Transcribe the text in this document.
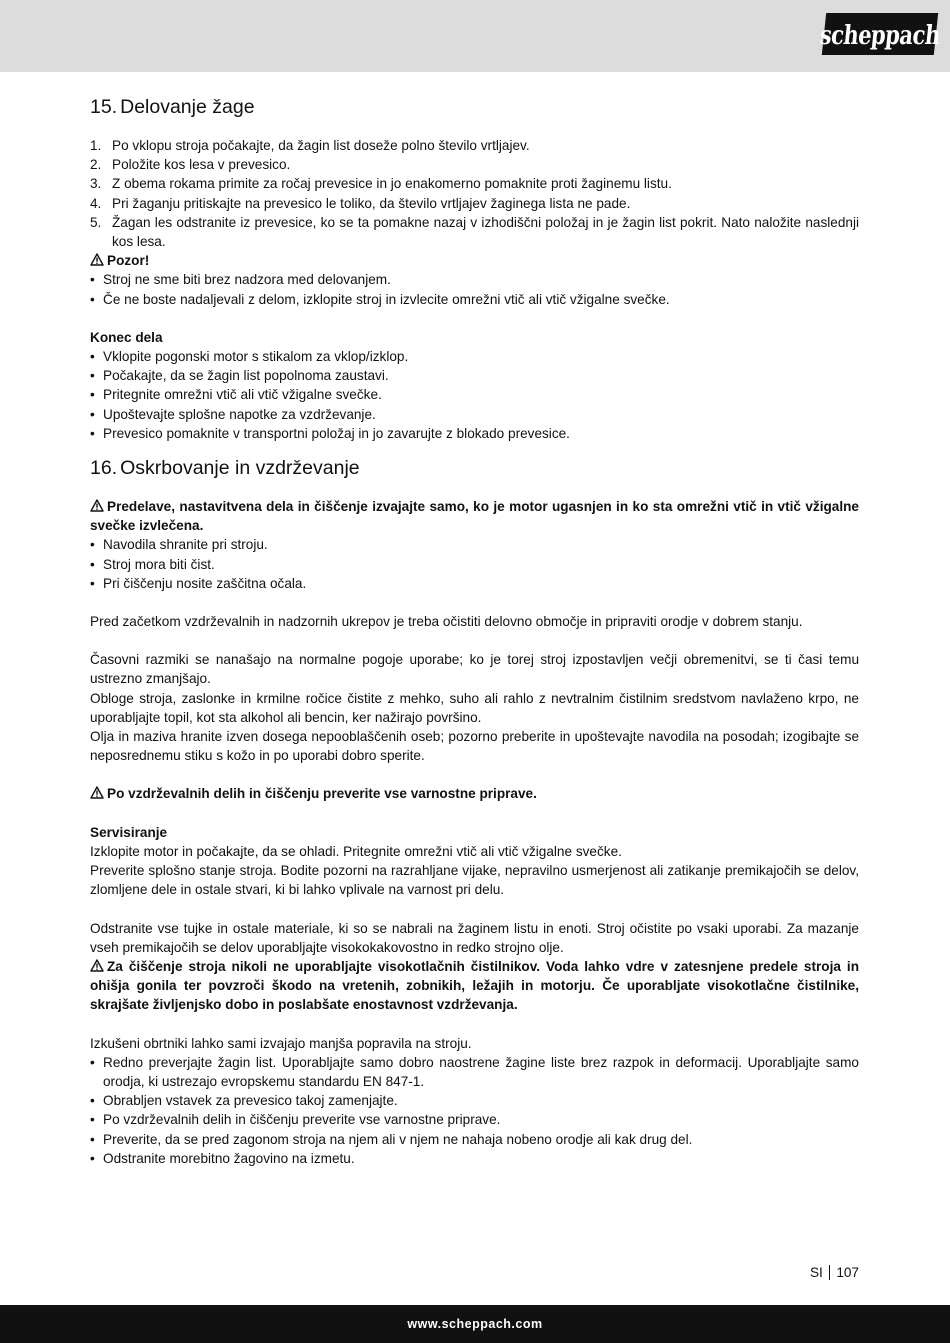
scheppach
15. Delovanje žage
1. Po vklopu stroja počakajte, da žagin list doseže polno število vrtljajev.
2. Položite kos lesa v prevesico.
3. Z obema rokama primite za ročaj prevesice in jo enakomerno pomaknite proti žaginemu listu.
4. Pri žaganju pritiskajte na prevesico le toliko, da število vrtljajev žaginega lista ne pade.
5. Žagan les odstranite iz prevesice, ko se ta pomakne nazaj v izhodiščni položaj in je žagin list pokrit. Nato naložite naslednji kos lesa.
Pozor!
• Stroj ne sme biti brez nadzora med delovanjem.
• Če ne boste nadaljevali z delom, izklopite stroj in izvlecite omrežni vtič ali vtič vžigalne svečke.
Konec dela
• Vklopite pogonski motor s stikalom za vklop/izklop.
• Počakajte, da se žagin list popolnoma zaustavi.
• Pritegnite omrežni vtič ali vtič vžigalne svečke.
• Upoštevajte splošne napotke za vzdrževanje.
• Prevesico pomaknite v transportni položaj in jo zavarujte z blokado prevesice.
16. Oskrbovanje in vzdrževanje

Predelave, nastavitvena dela in čiščenje izvajajte samo, ko je motor ugasnjen in ko sta omrežni vtič in vtič vžigalne svečke izvlečena.

• Navodila shranite pri stroju.
• Stroj mora biti čist.
• Pri čiščenju nosite zaščitna očala.

Pred začetkom vzdrževalnih in nadzornih ukrepov je treba očistiti delovno območje in pripraviti orodje v dobrem stanju.

Časovni razmiki se nanašajo na normalne pogoje uporabe; ko je torej stroj izpostavljen večji obremenitvi, se ti časi temu ustrezno zmanjšajo.

Obloge stroja, zaslonke in krmilne ročice čistite z mehko, suho ali rahlo z nevtralnim čistilnim sredstvom navlaženo krpo, ne uporabljajte topil, kot sta alkohol ali bencin, ker nažirajo površino.

Olja in maziva hranite izven dosega nepooblaščenih oseb; pozorno preberite in upoštevajte navodila na posodah; izogibajte se neposrednemu stiku s kožo in po uporabi dobro sperite.

Po vzdrževalnih delih in čiščenju preverite vse varnostne priprave.

Servisiranje

Izklopite motor in počakajte, da se ohladi. Pritegnite omrežni vtič ali vtič vžigalne svečke.

Preverite splošno stanje stroja. Bodite pozorni na razrahljane vijake, nepravilno usmerjenost ali zatikanje premikajočih se delov, zlomljene dele in ostale stvari, ki bi lahko vplivale na varnost pri delu.

Odstranite vse tujke in ostale materiale, ki so se nabrali na žaginem listu in enoti. Stroj očistite po vsaki uporabi. Za mazanje vseh premikajočih se delov uporabljajte visokokakovostno in redko strojno olje.

Za čiščenje stroja nikoli ne uporabljajte visokotlačnih čistilnikov. Voda lahko vdre v zatesnjene predele stroja in ohišja gonila ter povzroči škodo na vretenih, zobnikih, ležajih in motorju. Če uporabljate visokotlačne čistilnike, skrajšate življenjsko dobo in poslabšate enostavnost vzdrževanja.

Izkušeni obrtniki lahko sami izvajajo manjša popravila na stroju.

• Redno preverjajte žagin list. Uporabljajte samo dobro naostrene žagine liste brez razpok in deformacij. Uporabljajte samo orodja, ki ustrezajo evropskemu standardu EN 847-1.
• Obrabljen vstavek za prevesico takoj zamenjajte.
• Po vzdrževalnih delih in čiščenju preverite vse varnostne priprave.
• Preverite, da se pred zagonom stroja na njem ali v njem ne nahaja nobeno orodje ali kak drug del.
• Odstranite morebitno žagovino na izmetu.
SI 107
www.scheppach.com
